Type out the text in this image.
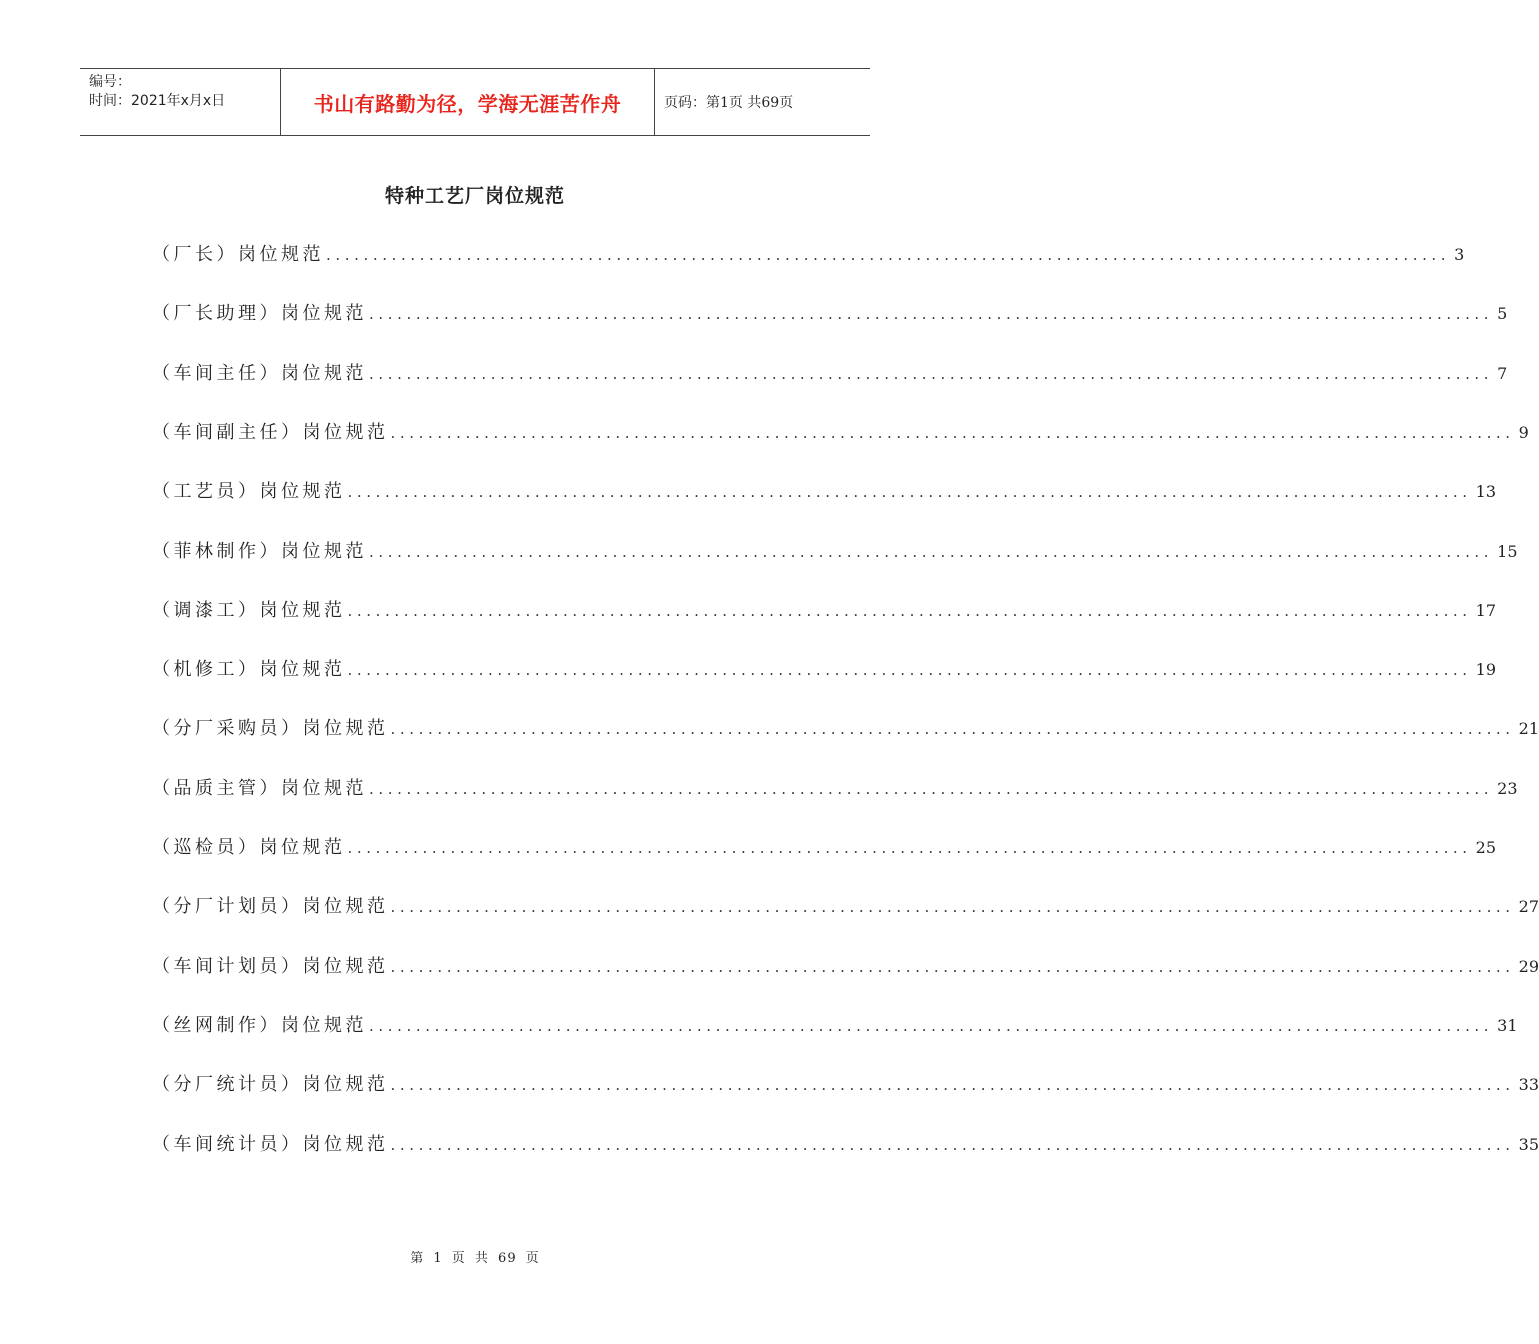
编号：
时间：2021年x月x日	书山有路勤为径，学海无涯苦作舟	页码：第1页 共69页
特种工艺厂岗位规范
（厂长）岗位规范 ........................................................................................................................ 3
（厂长助理）岗位规范 ........................................................................................................................ 5
（车间主任）岗位规范 ........................................................................................................................ 7
（车间副主任）岗位规范 ........................................................................................................................ 9
（工艺员）岗位规范 ........................................................................................................................ 13
（菲林制作）岗位规范 ........................................................................................................................ 15
（调漆工）岗位规范 ........................................................................................................................ 17
（机修工）岗位规范 ........................................................................................................................ 19
（分厂采购员）岗位规范 ........................................................................................................................ 21
（品质主管）岗位规范 ........................................................................................................................ 23
（巡检员）岗位规范 ........................................................................................................................ 25
（分厂计划员）岗位规范 ........................................................................................................................ 27
（车间计划员）岗位规范 ........................................................................................................................ 29
（丝网制作）岗位规范 ........................................................................................................................ 31
（分厂统计员）岗位规范 ........................................................................................................................ 33
（车间统计员）岗位规范 ........................................................................................................................ 35
第 1 页 共 69 页
